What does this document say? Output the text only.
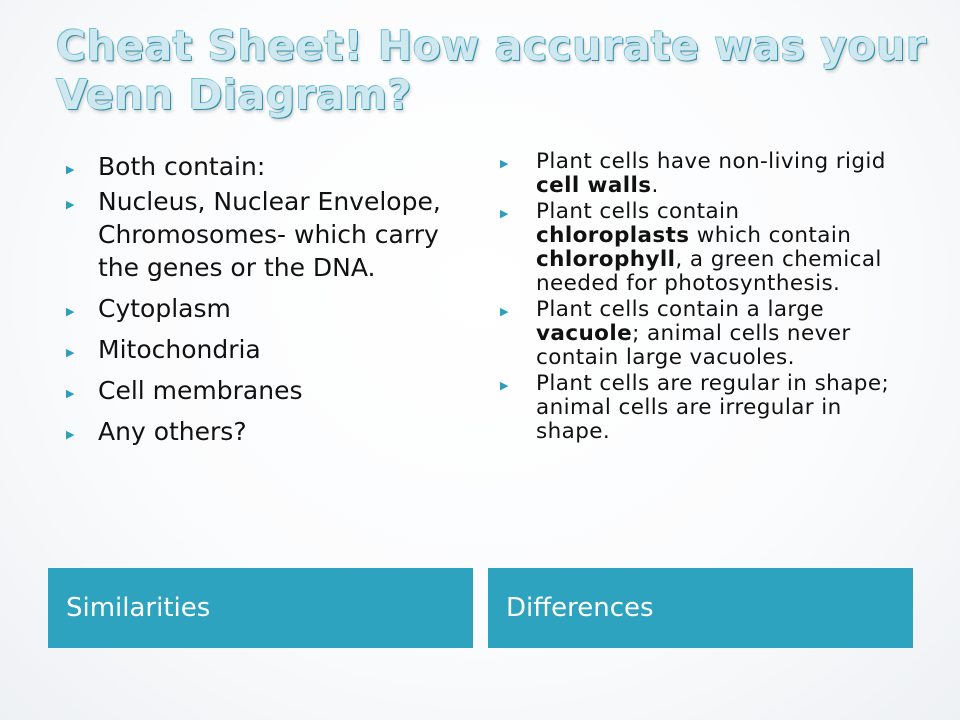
Cheat Sheet! How accurate was your Venn Diagram?
▶ Both contain:
▶ Nucleus, Nuclear Envelope, Chromosomes- which carry the genes or the DNA.
▶ Cytoplasm
▶ Mitochondria
▶ Cell membranes
▶ Any others?
▶ Plant cells have non-living rigid cell walls.
▶ Plant cells contain chloroplasts which contain chlorophyll, a green chemical needed for photosynthesis.
▶ Plant cells contain a large vacuole; animal cells never contain large vacuoles.
▶ Plant cells are regular in shape; animal cells are irregular in shape.
Similarities	Differences
